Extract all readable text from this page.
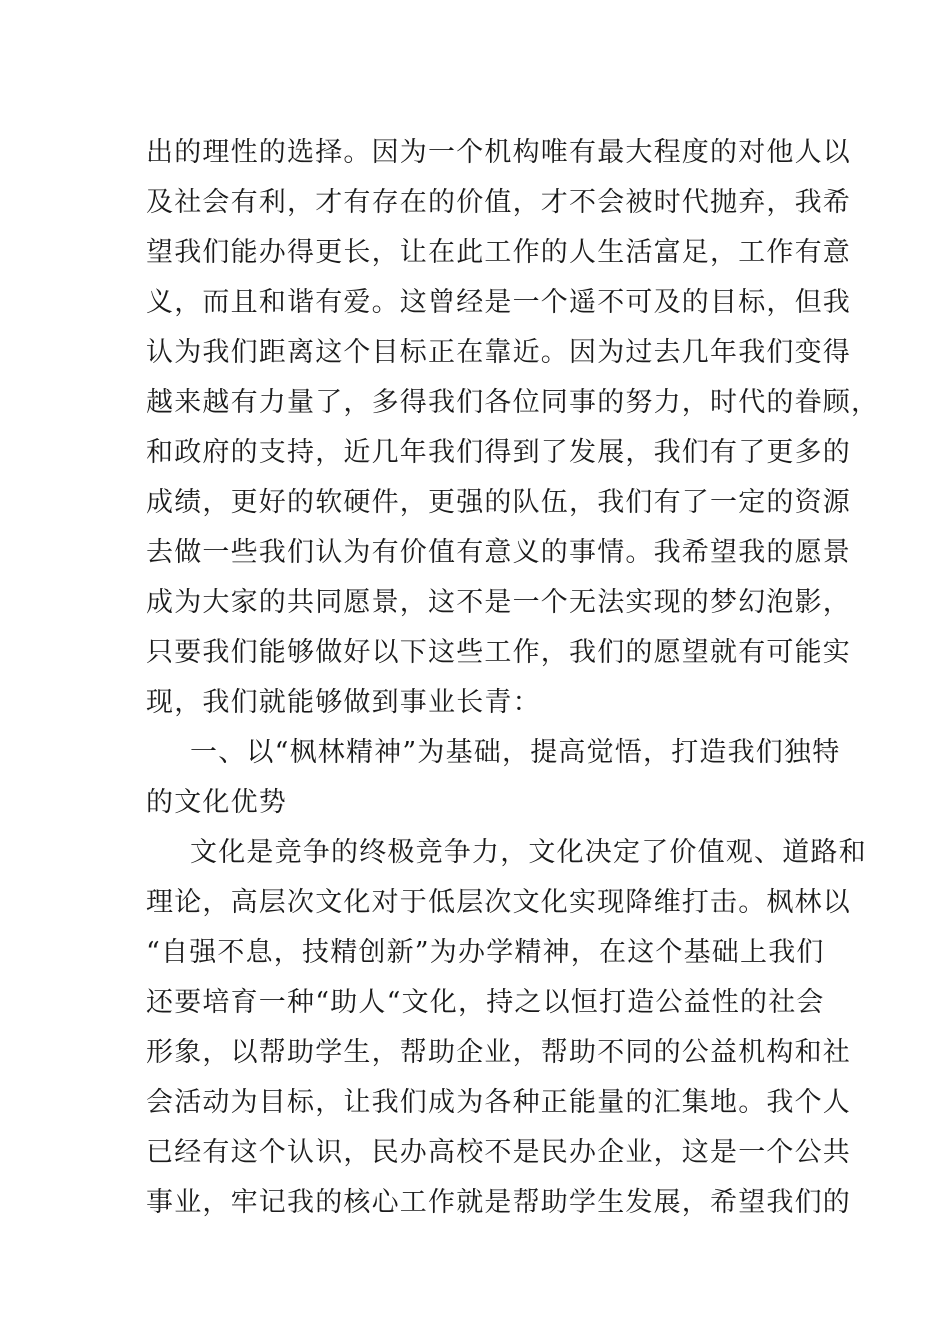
出的理性的选择。因为一个机构唯有最大程度的对他人以
及社会有利，才有存在的价值，才不会被时代抛弃，我希
望我们能办得更长，让在此工作的人生活富足，工作有意
义，而且和谐有爱。这曾经是一个遥不可及的目标，但我
认为我们距离这个目标正在靠近。因为过去几年我们变得
越来越有力量了，多得我们各位同事的努力，时代的眷顾，
和政府的支持，近几年我们得到了发展，我们有了更多的
成绩，更好的软硬件，更强的队伍，我们有了一定的资源
去做一些我们认为有价值有意义的事情。我希望我的愿景
成为大家的共同愿景，这不是一个无法实现的梦幻泡影，
只要我们能够做好以下这些工作，我们的愿望就有可能实
现，我们就能够做到事业长青：
一、以“枫林精神”为基础，提高觉悟，打造我们独特
的文化优势
文化是竞争的终极竞争力，文化决定了价值观、道路和
理论，高层次文化对于低层次文化实现降维打击。枫林以
“自强不息，技精创新”为办学精神，在这个基础上我们
还要培育一种“助人“文化，持之以恒打造公益性的社会
形象，以帮助学生，帮助企业，帮助不同的公益机构和社
会活动为目标，让我们成为各种正能量的汇集地。我个人
已经有这个认识，民办高校不是民办企业，这是一个公共
事业，牢记我的核心工作就是帮助学生发展，希望我们的
